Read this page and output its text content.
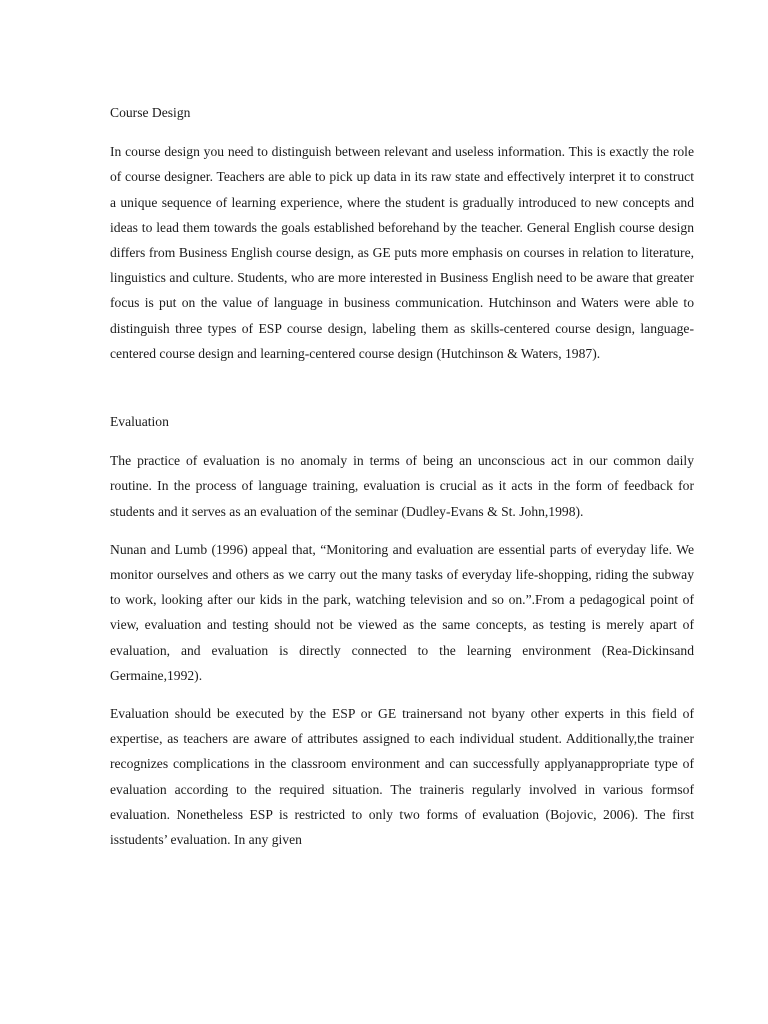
Course Design
In course design you need to distinguish between relevant and useless information. This is exactly the role of course designer. Teachers are able to pick up data in its raw state and effectively interpret it to construct a unique sequence of learning experience, where the student is gradually introduced to new concepts and ideas to lead them towards the goals established beforehand by the teacher. General English course design differs from Business English course design, as GE puts more emphasis on courses in relation to literature, linguistics and culture. Students, who are more interested in Business English need to be aware that greater focus is put on the value of language in business communication. Hutchinson and Waters were able to distinguish three types of ESP course design, labeling them as skills-centered course design, language-centered course design and learning-centered course design (Hutchinson & Waters, 1987).
Evaluation
The practice of evaluation is no anomaly in terms of being an unconscious act in our common daily routine. In the process of language training, evaluation is crucial as it acts in the form of feedback for students and it serves as an evaluation of the seminar (Dudley-Evans & St. John,1998).
Nunan and Lumb (1996) appeal that, “Monitoring and evaluation are essential parts of everyday life. We monitor ourselves and others as we carry out the many tasks of everyday life-shopping, riding the subway to work, looking after our kids in the park, watching television and so on.”.From a pedagogical point of view, evaluation and testing should not be viewed as the same concepts, as testing is merely apart of evaluation, and evaluation is directly connected to the learning environment (Rea-Dickinsand Germaine,1992).
Evaluation should be executed by the ESP or GE trainersand not byany other experts in this field of expertise, as teachers are aware of attributes assigned to each individual student. Additionally,the trainer recognizes complications in the classroom environment and can successfully applyanappropriate type of evaluation according to the required situation. The traineris regularly involved in various formsof evaluation. Nonetheless ESP is restricted to only two forms of evaluation (Bojovic, 2006). The first isstudents’ evaluation. In any given
